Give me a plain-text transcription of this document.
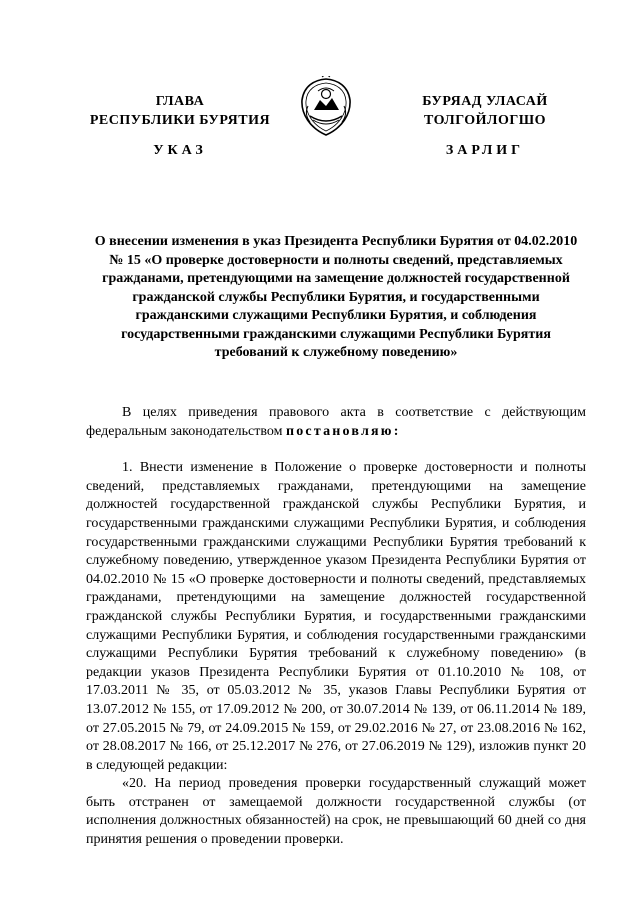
ГЛАВА
РЕСПУБЛИКИ БУРЯТИЯ
БУРЯАД УЛАСАЙ
ТОЛГОЙЛОГШО
УКАЗ	ЗАРЛИГ
О внесении изменения в указ Президента Республики Бурятия от 04.02.2010 № 15 «О проверке достоверности и полноты сведений, представляемых гражданами, претендующими на замещение должностей государственной гражданской службы Республики Бурятия, и государственными гражданскими служащими Республики Бурятия, и соблюдения государственными гражданскими служащими Республики Бурятия требований к служебному поведению»

В целях приведения правового акта в соответствие с действующим федеральным законодательством постановляю:

1. Внести изменение в Положение о проверке достоверности и полноты сведений, представляемых гражданами, претендующими на замещение должностей государственной гражданской службы Республики Бурятия, и государственными гражданскими служащими Республики Бурятия, и соблюдения государственными гражданскими служащими Республики Бурятия требований к служебному поведению, утвержденное указом Президента Республики Бурятия от 04.02.2010 № 15 «О проверке достоверности и полноты сведений, представляемых гражданами, претендующими на замещение должностей государственной гражданской службы Республики Бурятия, и государственными гражданскими служащими Республики Бурятия, и соблюдения государственными гражданскими служащими Республики Бурятия требований к служебному поведению» (в редакции указов Президента Республики Бурятия от 01.10.2010 № 108, от 17.03.2011 № 35, от 05.03.2012 № 35, указов Главы Республики Бурятия от 13.07.2012 № 155, от 17.09.2012 № 200, от 30.07.2014 № 139, от 06.11.2014 № 189, от 27.05.2015 № 79, от 24.09.2015 № 159, от 29.02.2016 № 27, от 23.08.2016 № 162, от 28.08.2017 № 166, от 25.12.2017 № 276, от 27.06.2019 № 129), изложив пункт 20 в следующей редакции:

«20. На период проведения проверки государственный служащий может быть отстранен от замещаемой должности государственной службы (от исполнения должностных обязанностей) на срок, не превышающий 60 дней со дня принятия решения о проведении проверки.
